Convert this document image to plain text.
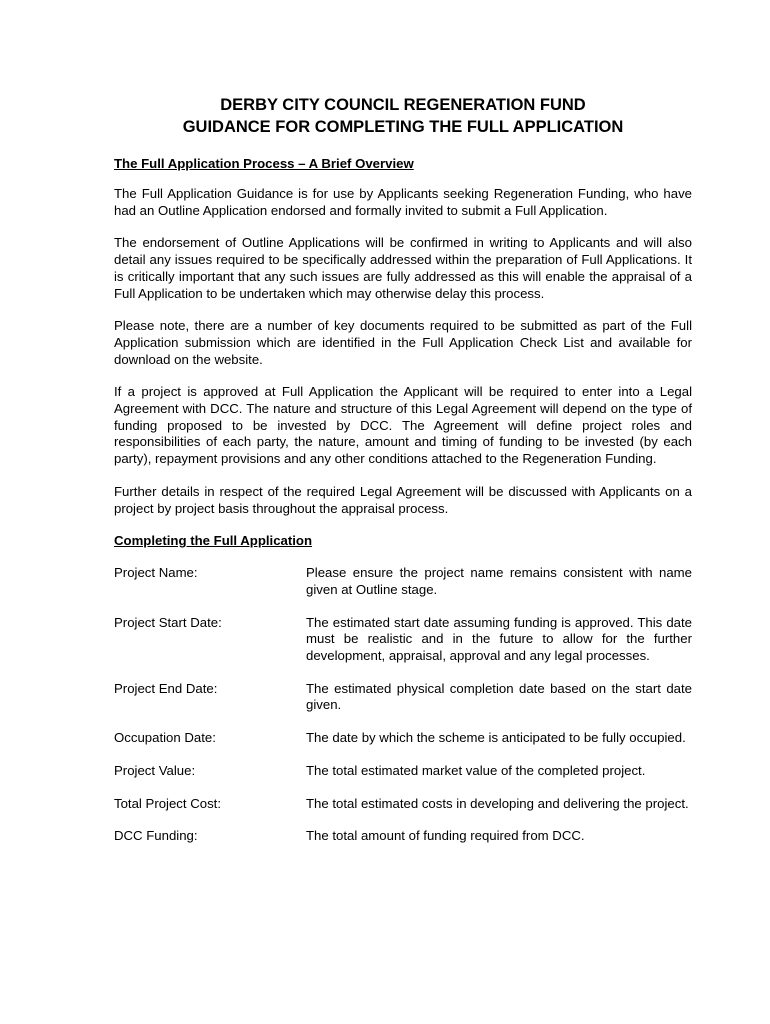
DERBY CITY COUNCIL REGENERATION FUND
GUIDANCE FOR COMPLETING THE FULL APPLICATION

The Full Application Process – A Brief Overview

The Full Application Guidance is for use by Applicants seeking Regeneration Funding, who have had an Outline Application endorsed and formally invited to submit a Full Application.

The endorsement of Outline Applications will be confirmed in writing to Applicants and will also detail any issues required to be specifically addressed within the preparation of Full Applications. It is critically important that any such issues are fully addressed as this will enable the appraisal of a Full Application to be undertaken which may otherwise delay this process.

Please note, there are a number of key documents required to be submitted as part of the Full Application submission which are identified in the Full Application Check List and available for download on the website.

If a project is approved at Full Application the Applicant will be required to enter into a Legal Agreement with DCC. The nature and structure of this Legal Agreement will depend on the type of funding proposed to be invested by DCC. The Agreement will define project roles and responsibilities of each party, the nature, amount and timing of funding to be invested (by each party), repayment provisions and any other conditions attached to the Regeneration Funding.

Further details in respect of the required Legal Agreement will be discussed with Applicants on a project by project basis throughout the appraisal process.

Completing the Full Application

Project Name:	Please ensure the project name remains consistent with name given at Outline stage.
Project Start Date:	The estimated start date assuming funding is approved. This date must be realistic and in the future to allow for the further development, appraisal, approval and any legal processes.
Project End Date:	The estimated physical completion date based on the start date given.
Occupation Date:	The date by which the scheme is anticipated to be fully occupied.
Project Value:	The total estimated market value of the completed project.
Total Project Cost:	The total estimated costs in developing and delivering the project.
DCC Funding:	The total amount of funding required from DCC.
